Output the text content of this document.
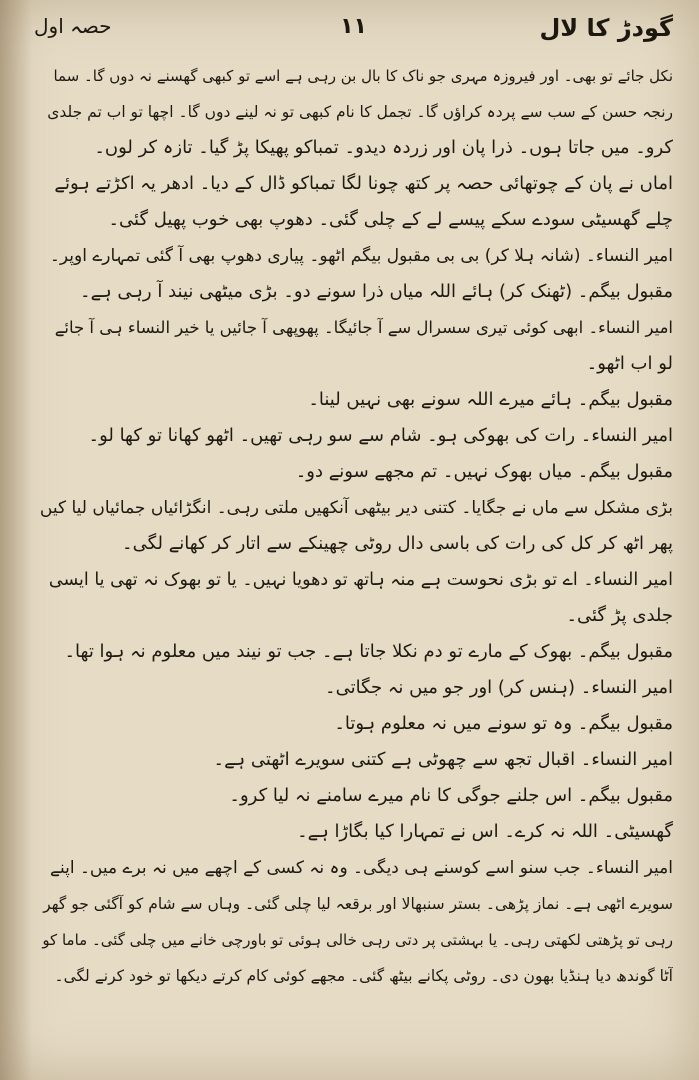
گودڑ کا لال
۱۱
حصہ اول
نکل جائے تو بھی۔ اور فیروزہ مہری جو ناک کا بال بن رہی ہے اسے تو کبھی گھسنے نہ دوں گا۔ سما
رنجہ حسن کے سب سے پردہ کراؤں گا۔ تجمل کا نام کبھی تو نہ لینے دوں گا۔ اچھا تو اب تم جلدی
کرو۔ میں جاتا ہوں۔ ذرا پان اور زردہ دیدو۔ تمباکو پھیکا پڑ گیا۔ تازہ کر لوں۔
اماں نے پان کے چوتھائی حصہ پر کتھ چونا لگا تمباکو ڈال کے دیا۔ ادھر یہ اکڑتے ہوئے
چلے گھسیٹی سودے سکے پیسے لے کے چلی گئی۔ دھوپ بھی خوب پھیل گئی۔
امیر النساء۔ (شانہ ہلا کر) بی بی مقبول بیگم اٹھو۔ پیاری دھوپ بھی آ گئی تمہارے اوپر۔
مقبول بیگم۔ (ٹھنک کر) ہائے اللہ میاں ذرا سونے دو۔ بڑی میٹھی نیند آ رہی ہے۔
امیر النساء۔ ابھی کوئی تیری سسرال سے آ جائیگا۔ پھوپھی آ جائیں یا خیر النساء ہی آ جائے
لو اب اٹھو۔
مقبول بیگم۔ ہائے میرے اللہ سونے بھی نہیں لینا۔
امیر النساء۔ رات کی بھوکی ہو۔ شام سے سو رہی تھیں۔ اٹھو کھانا تو کھا لو۔
مقبول بیگم۔ میاں بھوک نہیں۔ تم مجھے سونے دو۔
بڑی مشکل سے ماں نے جگایا۔ کتنی دیر بیٹھی آنکھیں ملتی رہی۔ انگڑائیاں جمائیاں لیا کیں
پھر اٹھ کر کل کی رات کی باسی دال روٹی چھینکے سے اتار کر کھانے لگی۔
امیر النساء۔ اے تو بڑی نحوست ہے منہ ہاتھ تو دھویا نہیں۔ یا تو بھوک نہ تھی یا ایسی
جلدی پڑ گئی۔
مقبول بیگم۔ بھوک کے مارے تو دم نکلا جاتا ہے۔ جب تو نیند میں معلوم نہ ہوا تھا۔
امیر النساء۔ (ہنس کر) اور جو میں نہ جگاتی۔
مقبول بیگم۔ وہ تو سونے میں نہ معلوم ہوتا۔
امیر النساء۔ اقبال تجھ سے چھوٹی ہے کتنی سویرے اٹھتی ہے۔
مقبول بیگم۔ اس جلنے جوگی کا نام میرے سامنے نہ لیا کرو۔
گھسیٹی۔ اللہ نہ کرے۔ اس نے تمہارا کیا بگاڑا ہے۔
امیر النساء۔ جب سنو اسے کوسنے ہی دیگی۔ وہ نہ کسی کے اچھے میں نہ برے میں۔ اپنے
سویرے اٹھی ہے۔ نماز پڑھی۔ بستر سنبھالا اور برقعہ لیا چلی گئی۔ وہاں سے شام کو آگئی جو گھر
رہی تو پڑھتی لکھتی رہی۔ یا بہشتی پر دتی رہی خالی ہوئی تو باورچی خانے میں چلی گئی۔ ماما کو
آٹا گوندھ دیا ہنڈیا بھون دی۔ روٹی پکانے بیٹھ گئی۔ مجھے کوئی کام کرتے دیکھا تو خود کرنے لگی۔
